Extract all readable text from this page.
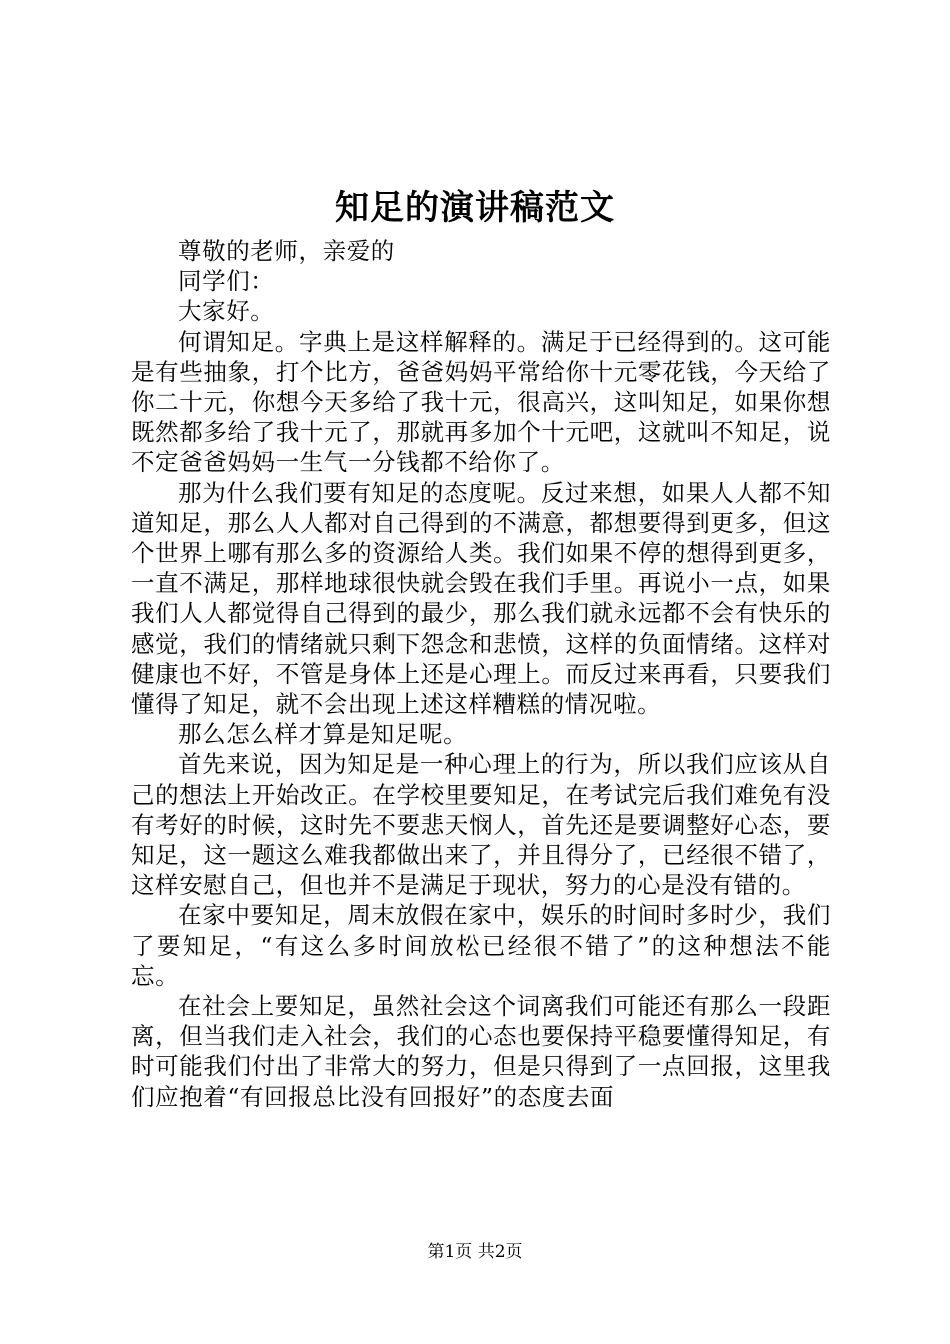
知足的演讲稿范文

尊敬的老师，亲爱的

同学们：

大家好。

何谓知足。字典上是这样解释的。满足于已经得到的。这可能是有些抽象，打个比方，爸爸妈妈平常给你十元零花钱，今天给了你二十元，你想今天多给了我十元，很高兴，这叫知足，如果你想既然都多给了我十元了，那就再多加个十元吧，这就叫不知足，说不定爸爸妈妈一生气一分钱都不给你了。

那为什么我们要有知足的态度呢。反过来想，如果人人都不知道知足，那么人人都对自己得到的不满意，都想要得到更多，但这个世界上哪有那么多的资源给人类。我们如果不停的想得到更多，一直不满足，那样地球很快就会毁在我们手里。再说小一点，如果我们人人都觉得自己得到的最少，那么我们就永远都不会有快乐的感觉，我们的情绪就只剩下怨念和悲愤，这样的负面情绪。这样对健康也不好，不管是身体上还是心理上。而反过来再看，只要我们懂得了知足，就不会出现上述这样糟糕的情况啦。

那么怎么样才算是知足呢。

首先来说，因为知足是一种心理上的行为，所以我们应该从自己的想法上开始改正。在学校里要知足，在考试完后我们难免有没有考好的时候，这时先不要悲天悯人，首先还是要调整好心态，要知足，这一题这么难我都做出来了，并且得分了，已经很不错了，这样安慰自己，但也并不是满足于现状，努力的心是没有错的。

在家中要知足，周末放假在家中，娱乐的时间时多时少，我们了要知足，“有这么多时间放松已经很不错了”的这种想法不能忘。

在社会上要知足，虽然社会这个词离我们可能还有那么一段距离，但当我们走入社会，我们的心态也要保持平稳要懂得知足，有时可能我们付出了非常大的努力，但是只得到了一点回报，这里我们应抱着“有回报总比没有回报好”的态度去面

第1页 共2页
